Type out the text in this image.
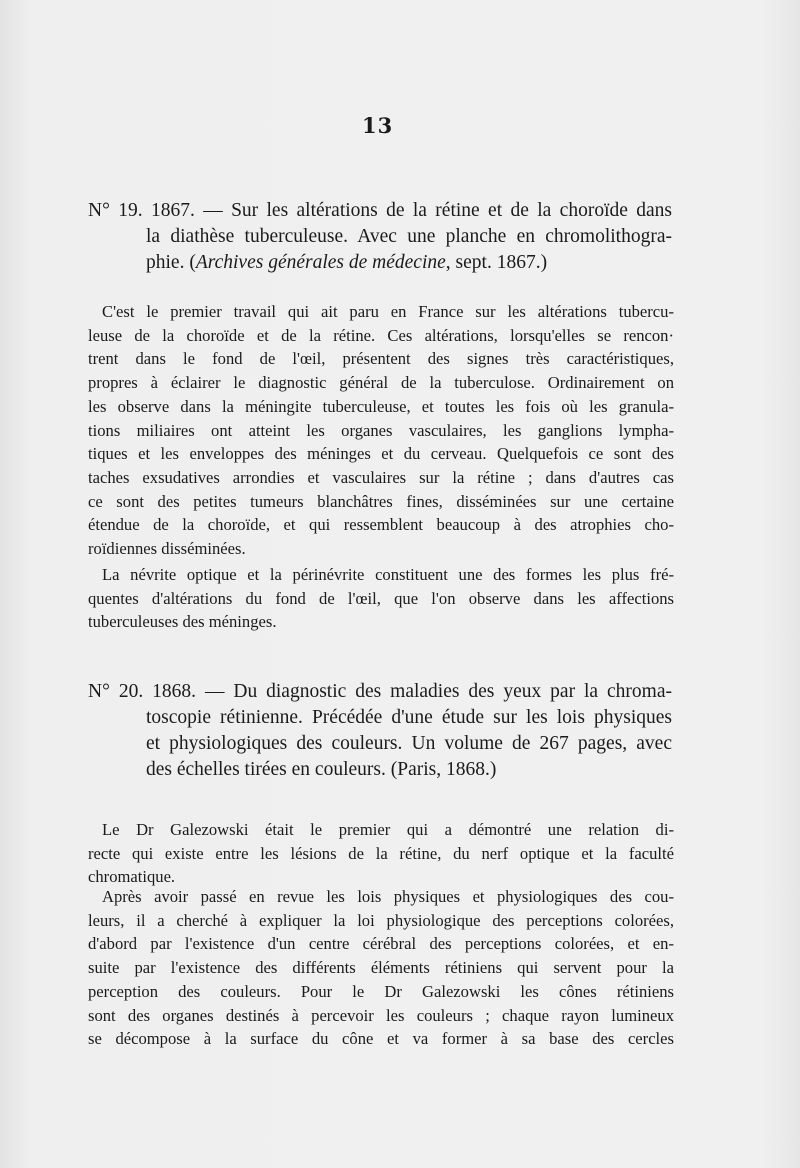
13
N° 19. 1867. — Sur les altérations de la rétine et de la choroïde dans
la diathèse tuberculeuse. Avec une planche en chromolithogra-
phie. (Archives générales de médecine, sept. 1867.)
C'est le premier travail qui ait paru en France sur les altérations tubercu-
leuse de la choroïde et de la rétine. Ces altérations, lorsqu'elles se rencon·
trent dans le fond de l'œil, présentent des signes très caractéristiques,
propres à éclairer le diagnostic général de la tuberculose. Ordinairement on
les observe dans la méningite tuberculeuse, et toutes les fois où les granula-
tions miliaires ont atteint les organes vasculaires, les ganglions lympha-
tiques et les enveloppes des méninges et du cerveau. Quelquefois ce sont des
taches exsudatives arrondies et vasculaires sur la rétine ; dans d'autres cas
ce sont des petites tumeurs blanchâtres fines, disséminées sur une certaine
étendue de la choroïde, et qui ressemblent beaucoup à des atrophies cho-
roïdiennes disséminées.
La névrite optique et la périnévrite constituent une des formes les plus fré-
quentes d'altérations du fond de l'œil, que l'on observe dans les affections
tuberculeuses des méninges.
N° 20. 1868. — Du diagnostic des maladies des yeux par la chroma-
toscopie rétinienne. Précédée d'une étude sur les lois physiques
et physiologiques des couleurs. Un volume de 267 pages, avec
des échelles tirées en couleurs. (Paris, 1868.)
Le Dr Galezowski était le premier qui a démontré une relation di-
recte qui existe entre les lésions de la rétine, du nerf optique et la faculté
chromatique.
Après avoir passé en revue les lois physiques et physiologiques des cou-
leurs, il a cherché à expliquer la loi physiologique des perceptions colorées,
d'abord par l'existence d'un centre cérébral des perceptions colorées, et en-
suite par l'existence des différents éléments rétiniens qui servent pour la
perception des couleurs. Pour le Dr Galezowski les cônes rétiniens
sont des organes destinés à percevoir les couleurs ; chaque rayon lumineux
se décompose à la surface du cône et va former à sa base des cercles
